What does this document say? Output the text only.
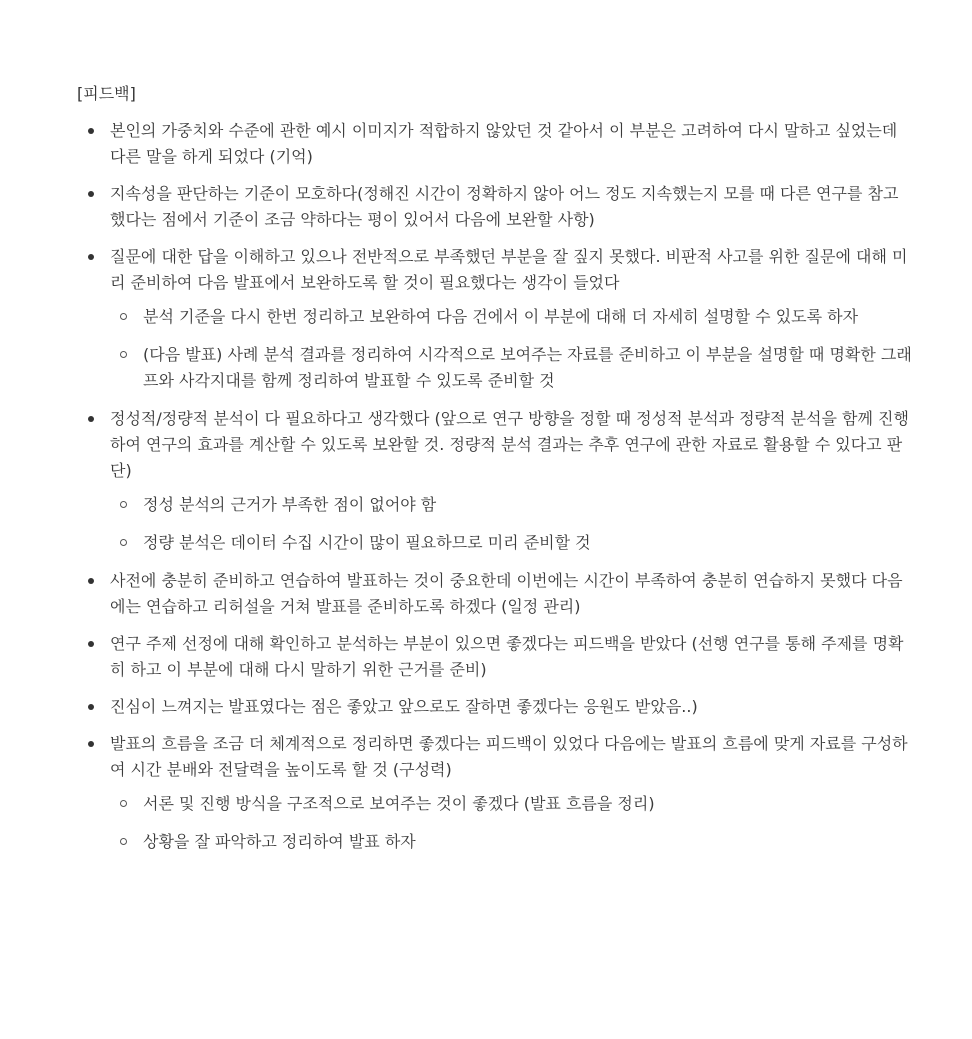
[피드백]
본인의 가중치와 수준에 관한 예시 이미지가 적합하지 않았던 것 같아서 이 부분은 고려하여 다시 말하고 싶었는데 다른 말을 하게 되었다 (기억)
지속성을 판단하는 기준이 모호하다(정해진 시간이 정확하지 않아 어느 정도 지속했는지 모를 때 다른 연구를 참고했다는 점에서 기준이 조금 약하다는 평이 있어서 다음에 보완할 사항)
질문에 대한 답을 이해하고 있으나 전반적으로 부족했던 부분을 잘 짚지 못했다. 비판적 사고를 위한 질문에 대해 미리 준비하여 다음 발표에서 보완하도록 할 것이 필요했다는 생각이 들었다
분석 기준을 다시 한번 정리하고 보완하여 다음 건에서 이 부분에 대해 더 자세히 설명할 수 있도록 하자
(다음 발표) 사례 분석 결과를 정리하여 시각적으로 보여주는 자료를 준비하고 이 부분을 설명할 때 명확한 그래프와 사각지대를 함께 정리하여 발표할 수 있도록 준비할 것
정성적/정량적 분석이 다 필요하다고 생각했다 (앞으로 연구 방향을 정할 때 정성적 분석과 정량적 분석을 함께 진행하여 연구의 효과를 계산할 수 있도록 보완할 것. 정량적 분석 결과는 추후 연구에 관한 자료로 활용할 수 있다고 판단)
정성 분석의 근거가 부족한 점이 없어야 함
정량 분석은 데이터 수집 시간이 많이 필요하므로 미리 준비할 것
사전에 충분히 준비하고 연습하여 발표하는 것이 중요한데 이번에는 시간이 부족하여 충분히 연습하지 못했다 다음에는 연습하고 리허설을 거쳐 발표를 준비하도록 하겠다 (일정 관리)
연구 주제 선정에 대해 확인하고 분석하는 부분이 있으면 좋겠다는 피드백을 받았다 (선행 연구를 통해 주제를 명확히 하고 이 부분에 대해 다시 말하기 위한 근거를 준비)
진심이 느껴지는 발표였다는 점은 좋았고 앞으로도 잘하면 좋겠다는 응원도 받았음..)
발표의 흐름을 조금 더 체계적으로 정리하면 좋겠다는 피드백이 있었다 다음에는 발표의 흐름에 맞게 자료를 구성하여 시간 분배와 전달력을 높이도록 할 것 (구성력)
서론 및 진행 방식을 구조적으로 보여주는 것이 좋겠다 (발표 흐름을 정리)
상황을 잘 파악하고 정리하여 발표 하자
